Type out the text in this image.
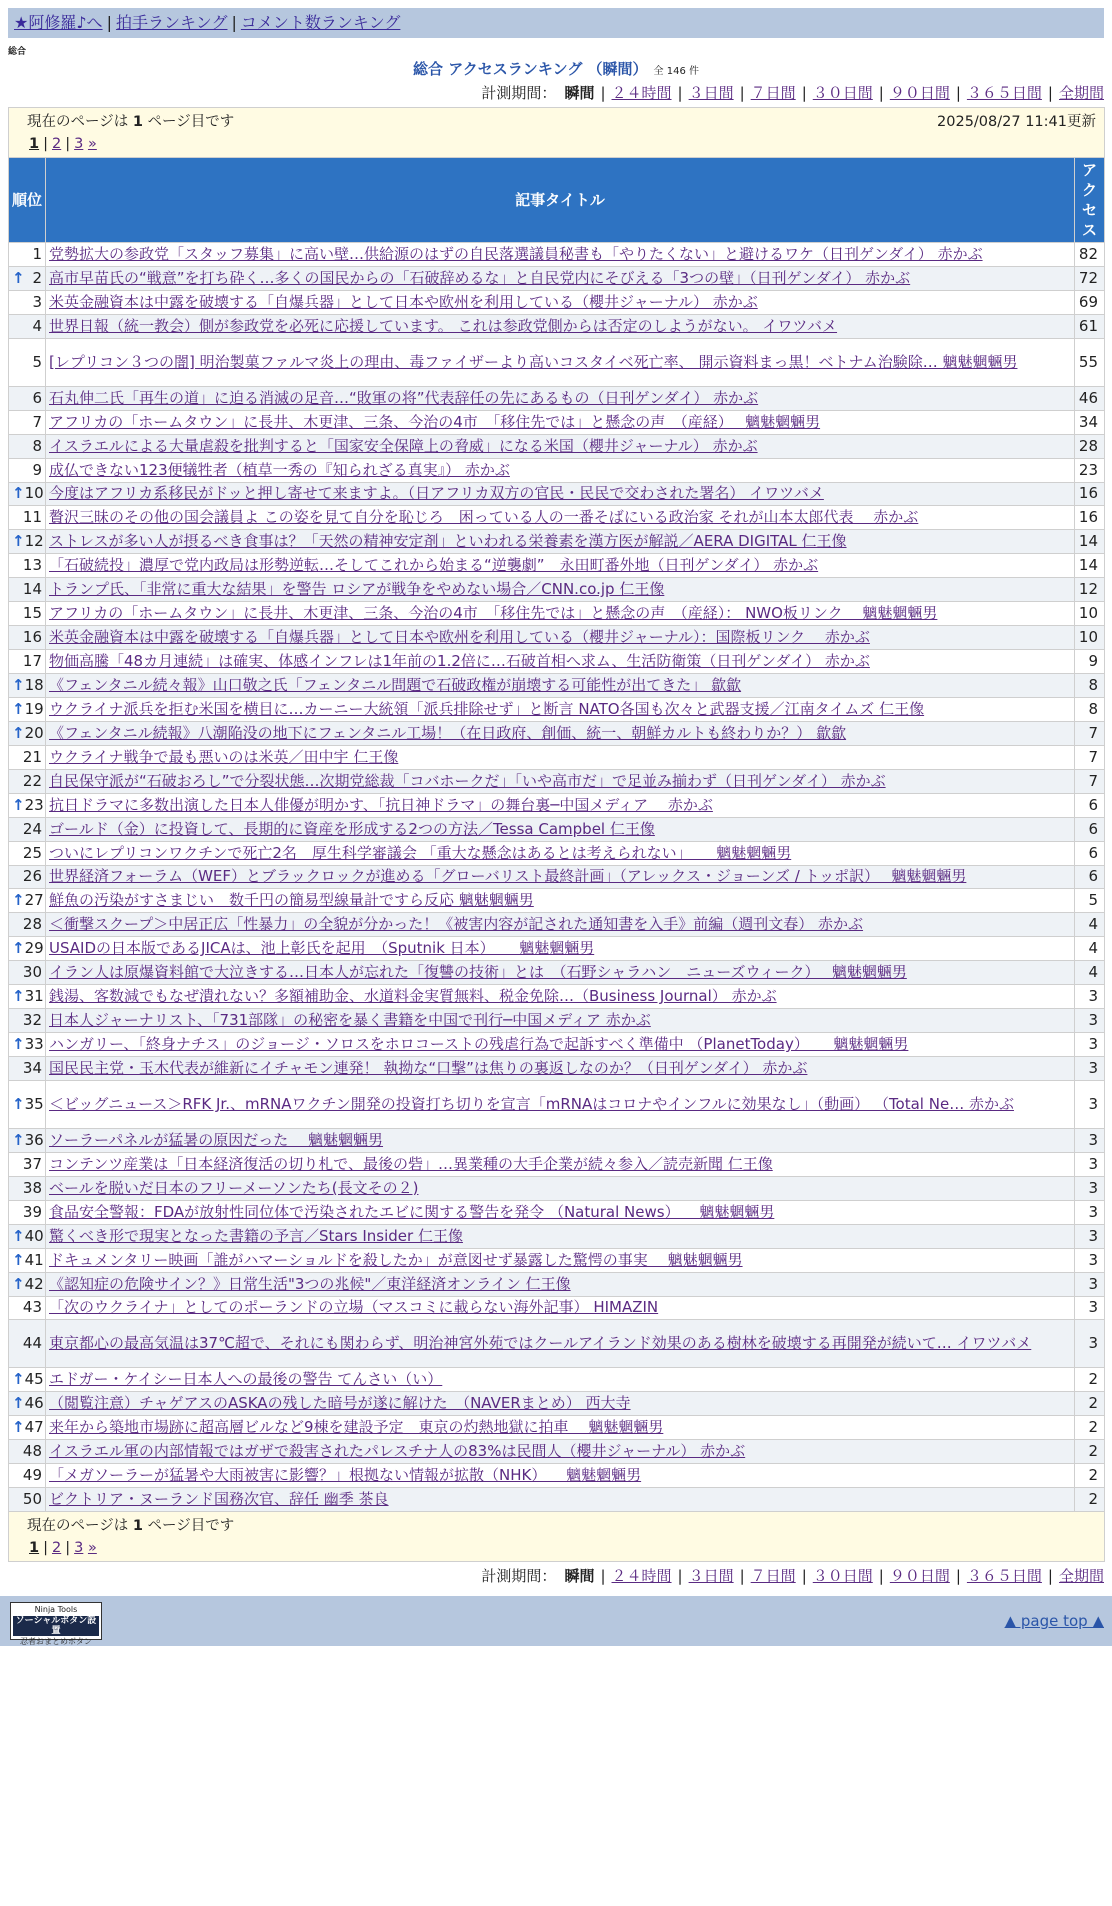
★阿修羅♪へ | 拍手ランキング | コメント数ランキング
総合
総合 アクセスランキング （瞬間） 全 146 件
計測期間： 瞬間 | ２４時間 | ３日間 | ７日間 | ３０日間 | ９０日間 | ３６５日間 | 全期間
現在のページは 1 ページ目です 2025/08/27 11:41更新
1 | 2 | 3 »		

順位	記事タイトル	アクセス
1	党勢拡大の参政党「スタッフ募集」に高い壁…供給源のはずの自民落選議員秘書も「やりたくない」と避けるワケ（日刊ゲンダイ） 赤かぶ	82

↑ 2	高市早苗氏の“戦意”を打ち砕く…多くの国民からの「石破辞めるな」と自民党内にそびえる「3つの壁」（日刊ゲンダイ） 赤かぶ	72
3	米英金融資本は中露を破壊する「自爆兵器」として日本や欧州を利用している（櫻井ジャーナル） 赤かぶ	69
4	世界日報（統一教会）側が参政党を必死に応援しています。 これは参政党側からは否定のしようがない。 イワツバメ	61
5	[レプリコン３つの闇] 明治製菓ファルマ炎上の理由、毒ファイザーより高いコスタイベ死亡率、 開示資料まっ黒！ベトナム治験除… 魑魅魍魎男	55
6	石丸伸二氏「再生の道」に迫る消滅の足音…“敗軍の将”代表辞任の先にあるもの（日刊ゲンダイ） 赤かぶ	46
7	アフリカの「ホームタウン」に長井、木更津、三条、今治の4市　「移住先では」と懸念の声　（産経）　 魑魅魍魎男	34
8	イスラエルによる大量虐殺を批判すると「国家安全保障上の脅威」になる米国（櫻井ジャーナル） 赤かぶ	28
9	成仏できない123便犠牲者（植草一秀の『知られざる真実』） 赤かぶ	23

↑ 10	今度はアフリカ系移民がドッと押し寄せて来ますよ。（日アフリカ双方の官民・民民で交わされた署名） イワツバメ	16
11	贅沢三昧のその他の国会議員よ この姿を見て自分を恥じろ　困っている人の一番そばにいる政治家 それが山本太郎代表　 赤かぶ	16

↑ 12	ストレスが多い人が摂るべき食事は？「天然の精神安定剤」といわれる栄養素を漢方医が解説／AERA DIGITAL 仁王像	14
13	「石破続投」濃厚で党内政局は形勢逆転…そしてこれから始まる“逆襲劇”　永田町番外地（日刊ゲンダイ） 赤かぶ	14
14	トランプ氏、「非常に重大な結果」を警告 ロシアが戦争をやめない場合／CNN.co.jp 仁王像	12
15	アフリカの「ホームタウン」に長井、木更津、三条、今治の4市　「移住先では」と懸念の声　（産経）： NWO板リンク　 魑魅魍魎男	10
16	米英金融資本は中露を破壊する「自爆兵器」として日本や欧州を利用している（櫻井ジャーナル）：国際板リンク　 赤かぶ	10
17	物価高騰「48カ月連続」は確実、体感インフレは1年前の1.2倍に…石破首相へ求ム、生活防衛策（日刊ゲンダイ） 赤かぶ	9

↑ 18	《フェンタニル続々報》山口敬之氏「フェンタニル問題で石破政権が崩壊する可能性が出てきた」 歙歙	8

↑ 19	ウクライナ派兵を拒む米国を横目に…カーニー大統領「派兵排除せず」と断言 NATO各国も次々と武器支援／江南タイムズ 仁王像	8

↑ 20	《フェンタニル続報》八潮陥没の地下にフェンタニル工場！（在日政府、創価、統一、朝鮮カルトも終わりか？） 歙歙	7
21	ウクライナ戦争で最も悪いのは米英／田中宇 仁王像	7
22	自民保守派が“石破おろし”で分裂状態…次期党総裁「コバホークだ」「いや高市だ」で足並み揃わず（日刊ゲンダイ） 赤かぶ	7

↑ 23	抗日ドラマに多数出演した日本人俳優が明かす、「抗日神ドラマ」の舞台裏─中国メディア　 赤かぶ	6
24	ゴールド（金）に投資して、長期的に資産を形成する2つの方法／Tessa Campbel 仁王像	6
25	ついにレプリコンワクチンで死亡2名　厚生科学審議会 「重大な懸念はあるとは考えられない」 　 魑魅魍魎男	6
26	世界経済フォーラム（WEF）とブラックロックが進める「グローバリスト最終計画」（アレックス・ジョーンズ / トッポ訳）　 魑魅魍魎男	6

↑ 27	鮮魚の汚染がすさまじい　数千円の簡易型線量計ですら反応 魑魅魍魎男	5
28	＜衝撃スクープ＞中居正広「性暴力」の全貌が分かった！《被害内容が記された通知書を入手》前編（週刊文春） 赤かぶ	4

↑ 29	USAIDの日本版であるJICAは、池上彰氏を起用　（Sputnik 日本） 　 魑魅魍魎男	4
30	イラン人は原爆資料館で大泣きする…日本人が忘れた「復讐の技術」とは　（石野シャラハン　ニューズウィーク）　 魑魅魍魎男	4

↑ 31	銭湯、客数減でもなぜ潰れない？多額補助金、水道料金実質無料、税金免除…（Business Journal） 赤かぶ	3
32	日本人ジャーナリスト、「731部隊」の秘密を暴く書籍を中国で刊行─中国メディア 赤かぶ	3

↑ 33	ハンガリー、「終身ナチス」のジョージ・ソロスをホロコーストの残虐行為で起訴すべく準備中 （PlanetToday） 　 魑魅魍魎男	3
34	国民民主党・玉木代表が維新にイチャモン連発！ 執拗な“口撃”は焦りの裏返しなのか？（日刊ゲンダイ） 赤かぶ	3

↑ 35	＜ビッグニュース＞RFK Jr.、mRNAワクチン開発の投資打ち切りを宣言「mRNAはコロナやインフルに効果なし」（動画） （Total Ne… 赤かぶ	3

↑ 36	ソーラーパネルが猛暑の原因だった　 魑魅魍魎男	3
37	コンテンツ産業は「日本経済復活の切り札で、最後の砦」…異業種の大手企業が続々参入／読売新聞 仁王像	3
38	ベールを脱いだ日本のフリーメーソンたち(長文その２)	3
39	食品安全警報：FDAが放射性同位体で汚染されたエビに関する警告を発令 （Natural News） 　魑魅魍魎男	3

↑ 40	驚くべき形で現実となった書籍の予言／Stars Insider 仁王像	3

↑ 41	ドキュメンタリー映画「誰がハマーショルドを殺したか」が意図せず暴露した驚愕の事実　 魑魅魍魎男	3

↑ 42	《認知症の危険サイン？》日常生活"3つの兆候"／東洋経済オンライン 仁王像	3
43	「次のウクライナ」としてのポーランドの立場（マスコミに載らない海外記事） HIMAZIN	3
44	東京都心の最高気温は37℃超で、それにも関わらず、明治神宮外苑ではクールアイランド効果のある樹林を破壊する再開発が続いて… イワツバメ	3

↑ 45	エドガー・ケイシー日本人への最後の警告 てんさい（い）	2

↑ 46	（閲覧注意）チャゲアスのASKAの残した暗号が遂に解けた　（NAVERまとめ） 西大寺	2

↑ 47	来年から築地市場跡に超高層ビルなど9棟を建設予定　東京の灼熱地獄に拍車　 魑魅魍魎男	2
48	イスラエル軍の内部情報ではガザで殺害されたパレスチナ人の83%は民間人（櫻井ジャーナル） 赤かぶ	2
49	「メガソーラーが猛暑や大雨被害に影響？」根拠ない情報が拡散（NHK） 　魑魅魍魎男	2
50	ビクトリア・ヌーランド国務次官、辞任 幽季 茶良	2

現在のページは 1 ページ目です
1 | 2 | 3 »		
計測期間： 瞬間 | ２４時間 | ３日間 | ７日間 | ３０日間 | ９０日間 | ３６５日間 | 全期間
Ninja Tools
ソーシャルボタン設置
忍者おまとめボタン
▲ page top ▲
